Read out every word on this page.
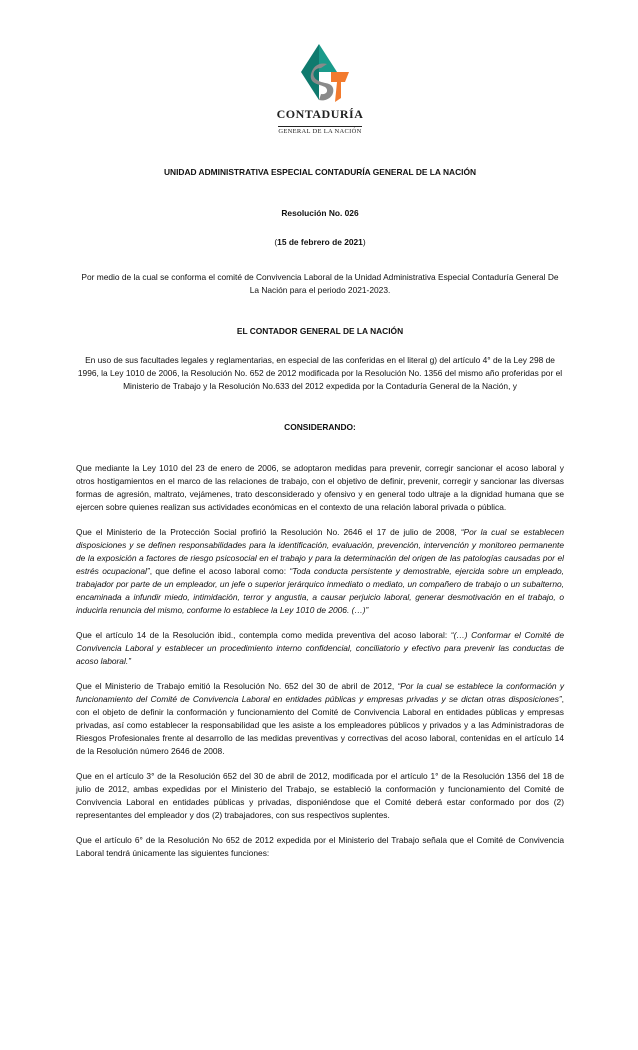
CONTADURÍA
GENERAL DE LA NACIÓN

UNIDAD ADMINISTRATIVA ESPECIAL CONTADURÍA GENERAL DE LA NACIÓN

Resolución No. 026

(15 de febrero de 2021)

Por medio de la cual se conforma el comité de Convivencia Laboral de la Unidad Administrativa Especial Contaduría General De La Nación para el periodo 2021-2023.

EL CONTADOR GENERAL DE LA NACIÓN

En uso de sus facultades legales y reglamentarias, en especial de las conferidas en el literal g) del artículo 4° de la Ley 298 de 1996, la Ley 1010 de 2006, la Resolución No. 652 de 2012 modificada por la Resolución No. 1356 del mismo año proferidas por el Ministerio de Trabajo y la Resolución No.633 del 2012 expedida por la Contaduría General de la Nación, y

CONSIDERANDO:

Que mediante la Ley 1010 del 23 de enero de 2006, se adoptaron medidas para prevenir, corregir sancionar el acoso laboral y otros hostigamientos en el marco de las relaciones de trabajo, con el objetivo de definir, prevenir, corregir y sancionar las diversas formas de agresión, maltrato, vejámenes, trato desconsiderado y ofensivo y en general todo ultraje a la dignidad humana que se ejercen sobre quienes realizan sus actividades económicas en el contexto de una relación laboral privada o pública.

Que el Ministerio de la Protección Social profirió la Resolución No. 2646 el 17 de julio de 2008, “Por la cual se establecen disposiciones y se definen responsabilidades para la identificación, evaluación, prevención, intervención y monitoreo permanente de la exposición a factores de riesgo psicosocial en el trabajo y para la determinación del origen de las patologías causadas por el estrés ocupacional”, que define el acoso laboral como: “Toda conducta persistente y demostrable, ejercida sobre un empleado, trabajador por parte de un empleador, un jefe o superior jerárquico inmediato o mediato, un compañero de trabajo o un subalterno, encaminada a infundir miedo, intimidación, terror y angustia, a causar perjuicio laboral, generar desmotivación en el trabajo, o inducirla renuncia del mismo, conforme lo establece la Ley 1010 de 2006. (…)”

Que el artículo 14 de la Resolución ibid., contempla como medida preventiva del acoso laboral: “(…) Conformar el Comité de Convivencia Laboral y establecer un procedimiento interno confidencial, conciliatorio y efectivo para prevenir las conductas de acoso laboral.”

Que el Ministerio de Trabajo emitió la Resolución No. 652 del 30 de abril de 2012, “Por la cual se establece la conformación y funcionamiento del Comité de Convivencia Laboral en entidades públicas y empresas privadas y se dictan otras disposiciones”, con el objeto de definir la conformación y funcionamiento del Comité de Convivencia Laboral en entidades públicas y empresas privadas, así como establecer la responsabilidad que les asiste a los empleadores públicos y privados y a las Administradoras de Riesgos Profesionales frente al desarrollo de las medidas preventivas y correctivas del acoso laboral, contenidas en el artículo 14 de la Resolución número 2646 de 2008.

Que en el artículo 3° de la Resolución 652 del 30 de abril de 2012, modificada por el artículo 1° de la Resolución 1356 del 18 de julio de 2012, ambas expedidas por el Ministerio del Trabajo, se estableció la conformación y funcionamiento del Comité de Convivencia Laboral en entidades públicas y privadas, disponiéndose que el Comité deberá estar conformado por dos (2) representantes del empleador y dos (2) trabajadores, con sus respectivos suplentes.

Que el artículo 6° de la Resolución No 652 de 2012 expedida por el Ministerio del Trabajo señala que el Comité de Convivencia Laboral tendrá únicamente las siguientes funciones:
